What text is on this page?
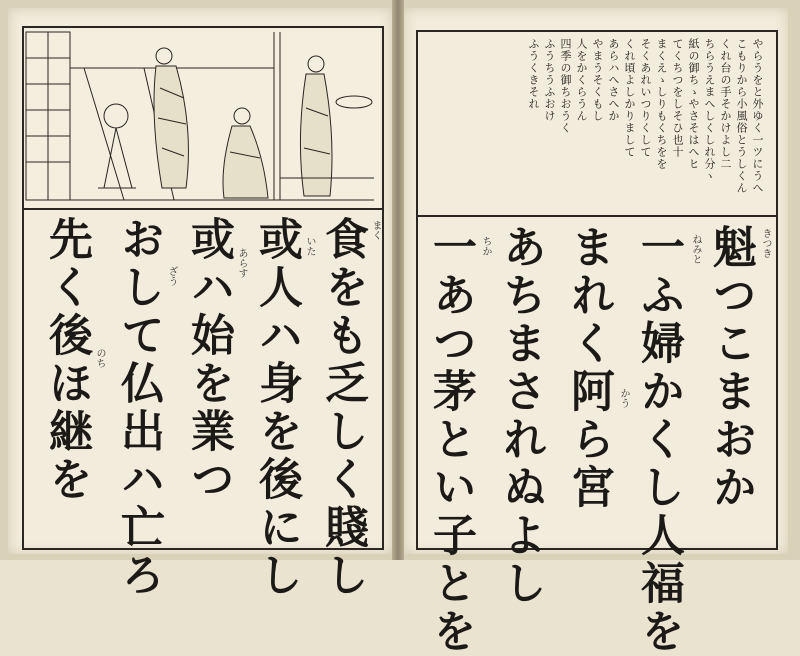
食をも乏しく賤し
或人ハ身を後にし
或ハ始を業つ
おして仏出ハ亡ろ
先く後ほ継を	まく
いた
あらす
ざう
のち
やらうをと外ゆく一ツにうへ
こもりから小風俗とうしくん
くれ台の手そかけよし二
ちらうえまへしくしれ分ヽ
紙の御ちゝやさそはへヒ
てくちつをしそひ也十
まくえゝしりもくちをを
そくあれいつりくして
くれ頃よしかりまして
あらハへさへか
やまうそくもし
人をかくらうん
四季の御ちおうく
ふうちうふおけ
ふうくきそれ
魁つこまおか
一ふ婦かくし人福を
まれく阿ら宮
あちまされぬよし
一あつ茅とい子とを	きつき
ねみと
かう
ちか
